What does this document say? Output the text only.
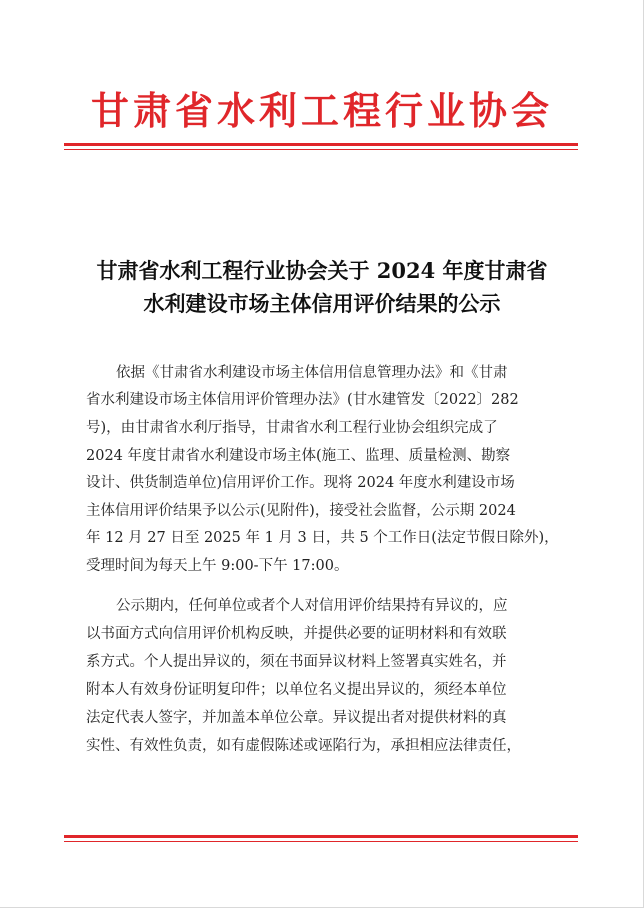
甘肃省水利工程行业协会
甘肃省水利工程行业协会关于 2024 年度甘肃省
水利建设市场主体信用评价结果的公示
依据《甘肃省水利建设市场主体信用信息管理办法》和《甘肃
省水利建设市场主体信用评价管理办法》(甘水建管发〔2022〕282
号)，由甘肃省水利厅指导，甘肃省水利工程行业协会组织完成了
2024 年度甘肃省水利建设市场主体(施工、监理、质量检测、勘察
设计、供货制造单位)信用评价工作。现将 2024 年度水利建设市场
主体信用评价结果予以公示(见附件)，接受社会监督，公示期 2024
年 12 月 27 日至 2025 年 1 月 3 日，共 5 个工作日(法定节假日除外)，
受理时间为每天上午 9:00-下午 17:00。
公示期内，任何单位或者个人对信用评价结果持有异议的，应
以书面方式向信用评价机构反映，并提供必要的证明材料和有效联
系方式。个人提出异议的，须在书面异议材料上签署真实姓名，并
附本人有效身份证明复印件；以单位名义提出异议的，须经本单位
法定代表人签字，并加盖本单位公章。异议提出者对提供材料的真
实性、有效性负责，如有虚假陈述或诬陷行为，承担相应法律责任，
